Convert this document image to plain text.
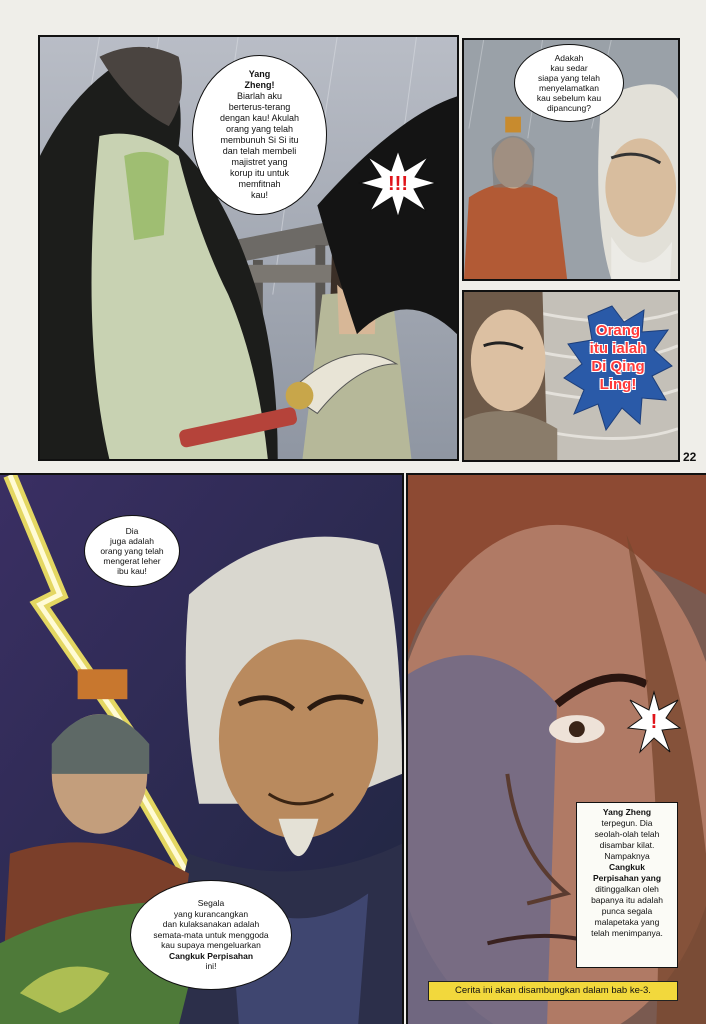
Yang
Zheng!
Biarlah aku
berterus-terang
dengan kau! Akulah
orang yang telah
membunuh Si Si itu
dan telah membeli
majistret yang
korup itu untuk
memfitnah
kau!	!!!
Adakah
kau sedar
siapa yang telah
menyelamatkan
kau sebelum kau
dipancung?
Orang
itu ialah
Di Qing
Ling!
22
Dia
juga adalah
orang yang telah
mengerat leher
ibu kau!
Segala
yang kurancangkan
dan kulaksanakan adalah
semata-mata untuk menggoda
kau supaya mengeluarkan
Cangkuk Perpisahan
ini!
!
Yang Zheng
terpegun. Dia
seolah-olah telah
disambar kilat.
Nampaknya
Cangkuk
Perpisahan yang
ditinggalkan oleh
bapanya itu adalah
punca segala
malapetaka yang
telah menimpanya.
Cerita ini akan disambungkan dalam bab ke-3.
